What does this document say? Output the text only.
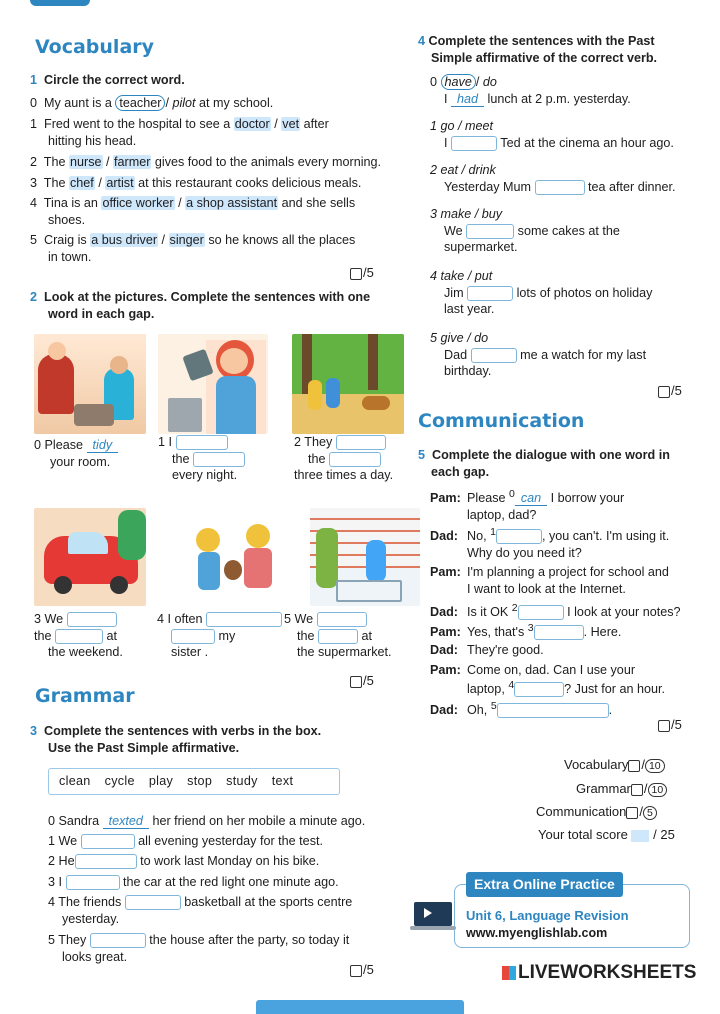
Vocabulary
1 Circle the correct word.
0 My aunt is a teacher / pilot at my school.
1 Fred went to the hospital to see a doctor / vet after
hitting his head.
2 The nurse / farmer gives food to the animals every morning.
3 The chef / artist at this restaurant cooks delicious meals.
4 Tina is an office worker / a shop assistant and she sells
shoes.
5 Craig is a bus driver / singer so he knows all the places
in town.
/5
2 Look at the pictures. Complete the sentences with one
word in each gap.
0 Please tidy
your room.
1 I
the
every night.
2 They
the
three times a day.
3 We
the	at
the weekend.
4 I often
my
sister .
5 We
the	at
the supermarket.
/5
Grammar
3 Complete the sentences with verbs in the box.
Use the Past Simple affirmative.
clean cycle play stop study text
0 Sandra texted her friend on her mobile a minute ago.
1 We	all evening yesterday for the test.
2 He	to work last Monday on his bike.
3 I	the car at the red light one minute ago.
4 The friends	basketball at the sports centre
yesterday.
5 They	the house after the party, so today it
looks great.
/5
4 Complete the sentences with the Past
Simple affirmative of the correct verb.
0 have / do
I had lunch at 2 p.m. yesterday.
1 go / meet
I	Ted at the cinema an hour ago.
2 eat / drink
Yesterday Mum	tea after dinner.
3 make / buy
We	some cakes at the
supermarket.
4 take / put
Jim	lots of photos on holiday
last year.
5 give / do
Dad	me a watch for my last
birthday.
/5
Communication
5 Complete the dialogue with one word in
each gap.
Pam: Please $^0$ can I borrow your
laptop, dad?
Dad: No, $^1$	, you can't. I'm using it.
Why do you need it?
Pam: I'm planning a project for school and
I want to look at the Internet.
Dad: Is it OK $^2$	I look at your notes?
Pam: Yes, that's $^3$	. Here.
Dad: They're good.
Pam: Come on, dad. Can I use your
laptop, $^4$	? Just for an hour.
Dad: Oh, $^5$	.
/5
Vocabulary / 10
Grammar / 10
Communication / 5
Your total score / 25
Extra Online Practice
Unit 6, Language Revision
www.myenglishlab.com
LIVEWORKSHEETS
